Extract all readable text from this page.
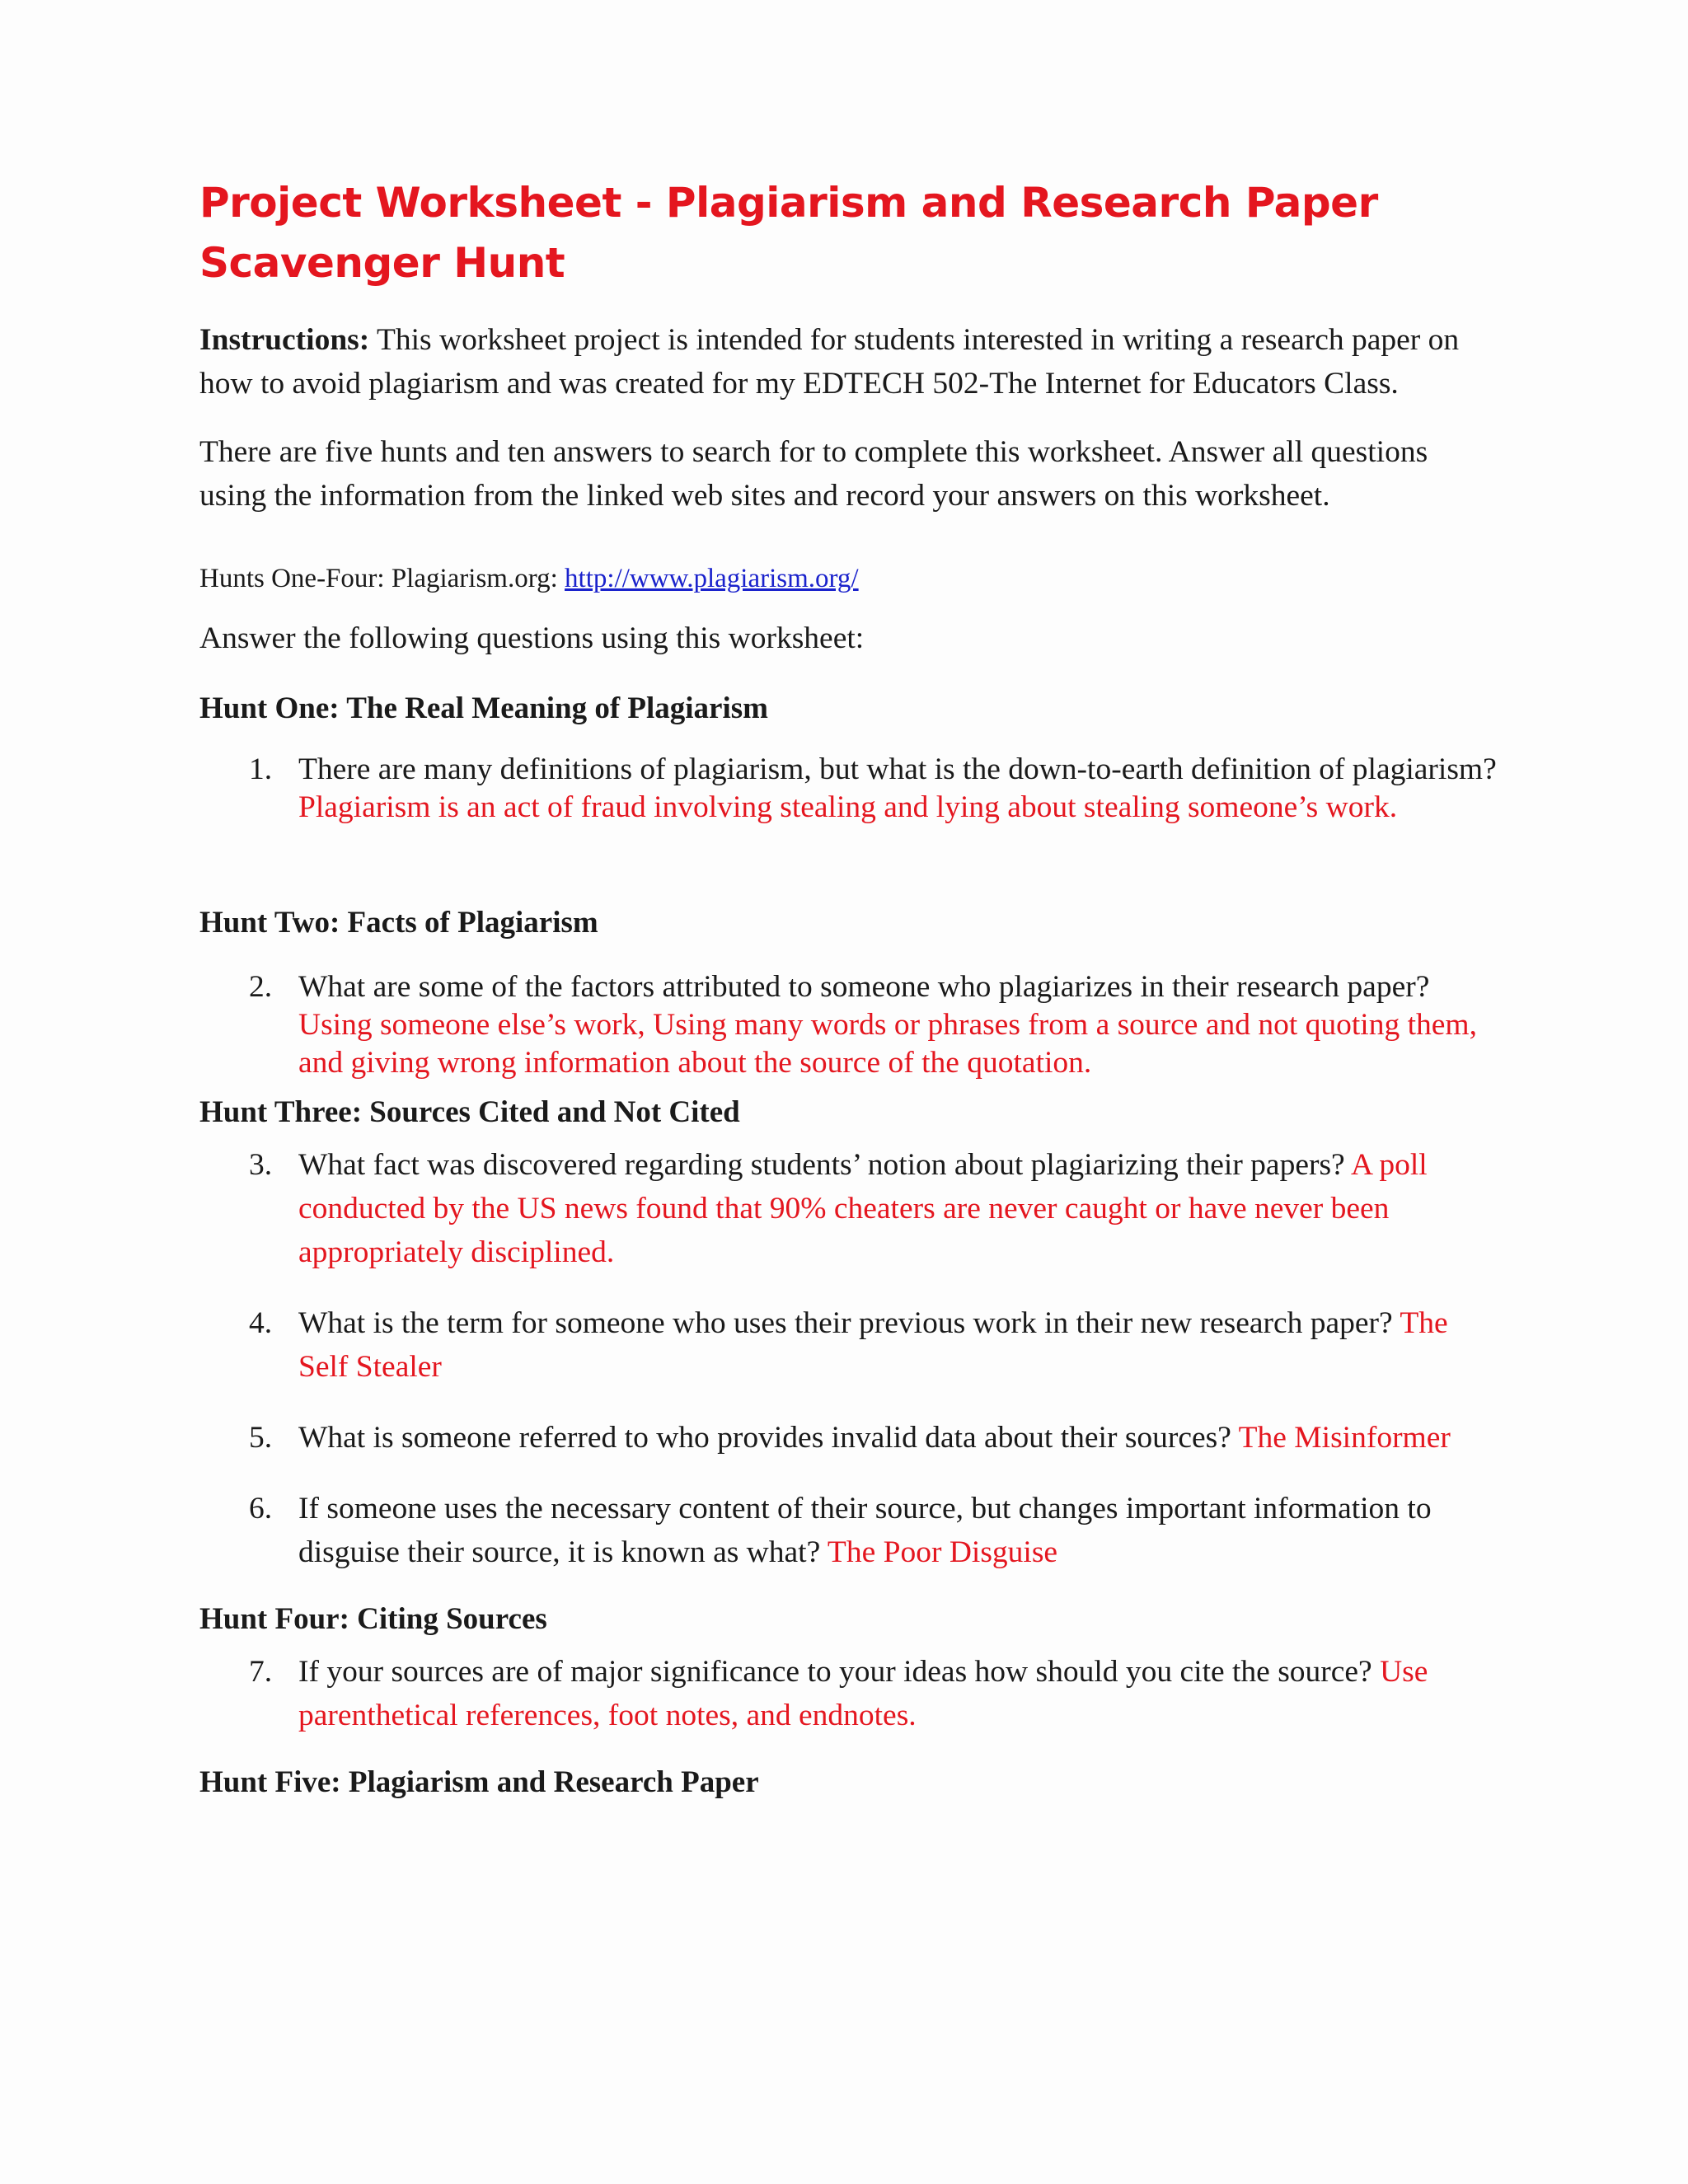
Project Worksheet - Plagiarism and Research Paper Scavenger Hunt

Instructions: This worksheet project is intended for students interested in writing a research paper on how to avoid plagiarism and was created for my EDTECH 502-The Internet for Educators Class.

There are five hunts and ten answers to search for to complete this worksheet. Answer all questions using the information from the linked web sites and record your answers on this worksheet.

Hunts One-Four: Plagiarism.org: http://www.plagiarism.org/

Answer the following questions using this worksheet:

Hunt One: The Real Meaning of Plagiarism

1. There are many definitions of plagiarism, but what is the down-to-earth definition of plagiarism? Plagiarism is an act of fraud involving stealing and lying about stealing someone’s work.

Hunt Two: Facts of Plagiarism

2. What are some of the factors attributed to someone who plagiarizes in their research paper? Using someone else’s work, Using many words or phrases from a source and not quoting them, and giving wrong information about the source of the quotation.

Hunt Three: Sources Cited and Not Cited

3. What fact was discovered regarding students’ notion about plagiarizing their papers? A poll conducted by the US news found that 90% cheaters are never caught or have never been appropriately disciplined.
4. What is the term for someone who uses their previous work in their new research paper? The Self Stealer
5. What is someone referred to who provides invalid data about their sources? The Misinformer
6. If someone uses the necessary content of their source, but changes important information to disguise their source, it is known as what? The Poor Disguise

Hunt Four: Citing Sources

7. If your sources are of major significance to your ideas how should you cite the source? Use parenthetical references, foot notes, and endnotes.

Hunt Five: Plagiarism and Research Paper
